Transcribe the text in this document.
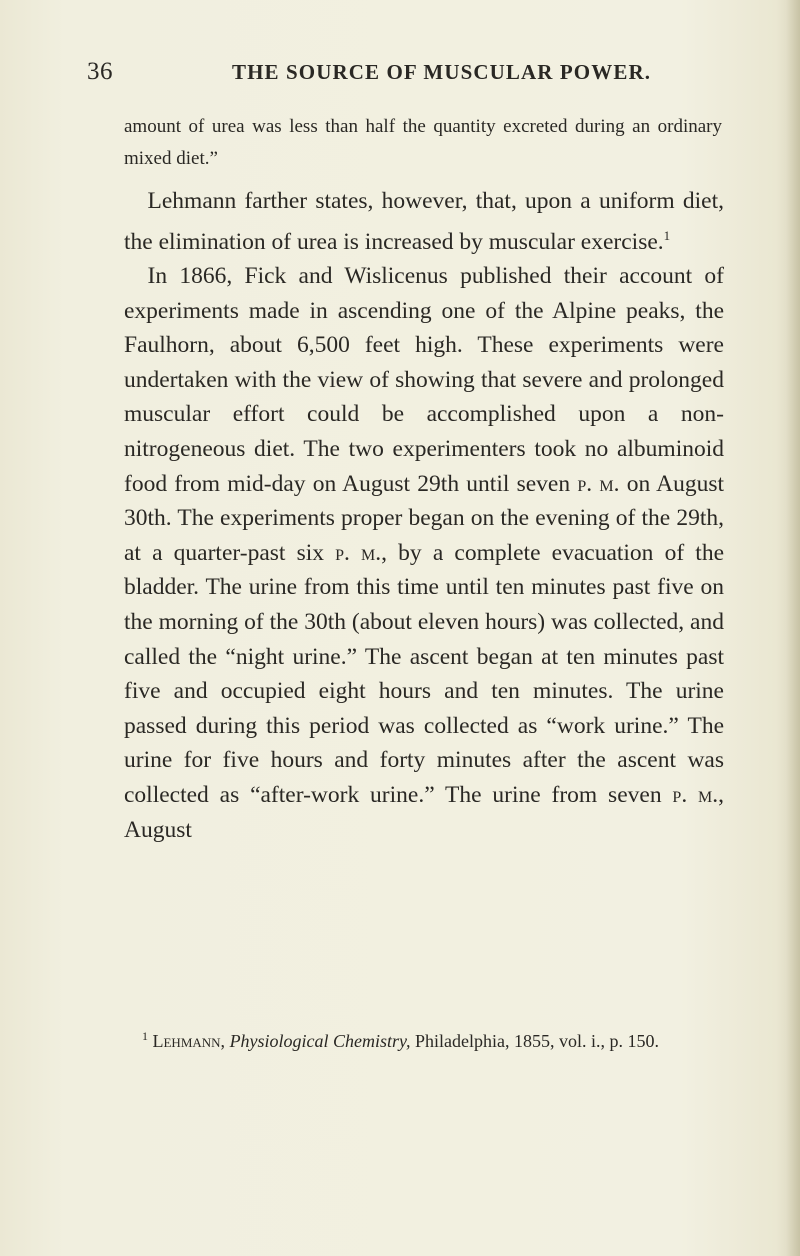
36	THE SOURCE OF MUSCULAR POWER.
amount of urea was less than half the quantity excreted during an ordinary mixed diet.”

 Lehmann farther states, however, that, upon a uniform diet, the elimination of urea is increased by muscular exercise.$^1$

 In 1866, Fick and Wislicenus published their account of experiments made in ascending one of the Alpine peaks, the Faulhorn, about 6,500 feet high. These experiments were undertaken with the view of showing that severe and prolonged muscular effort could be accomplished upon a non-nitrogeneous diet. The two experimenters took no albuminoid food from mid-day on August 29th until seven p. m. on August 30th. The experiments proper began on the evening of the 29th, at a quarter-past six p. m., by a complete evacuation of the bladder. The urine from this time until ten minutes past five on the morning of the 30th (about eleven hours) was collected, and called the “night urine.” The ascent began at ten minutes past five and occupied eight hours and ten minutes. The urine passed during this period was collected as “work urine.” The urine for five hours and forty minutes after the ascent was collected as “after-work urine.” The urine from seven p. m., August

 $^1$ Lehmann, Physiological Chemistry, Philadelphia, 1855, vol. i., p. 150.
